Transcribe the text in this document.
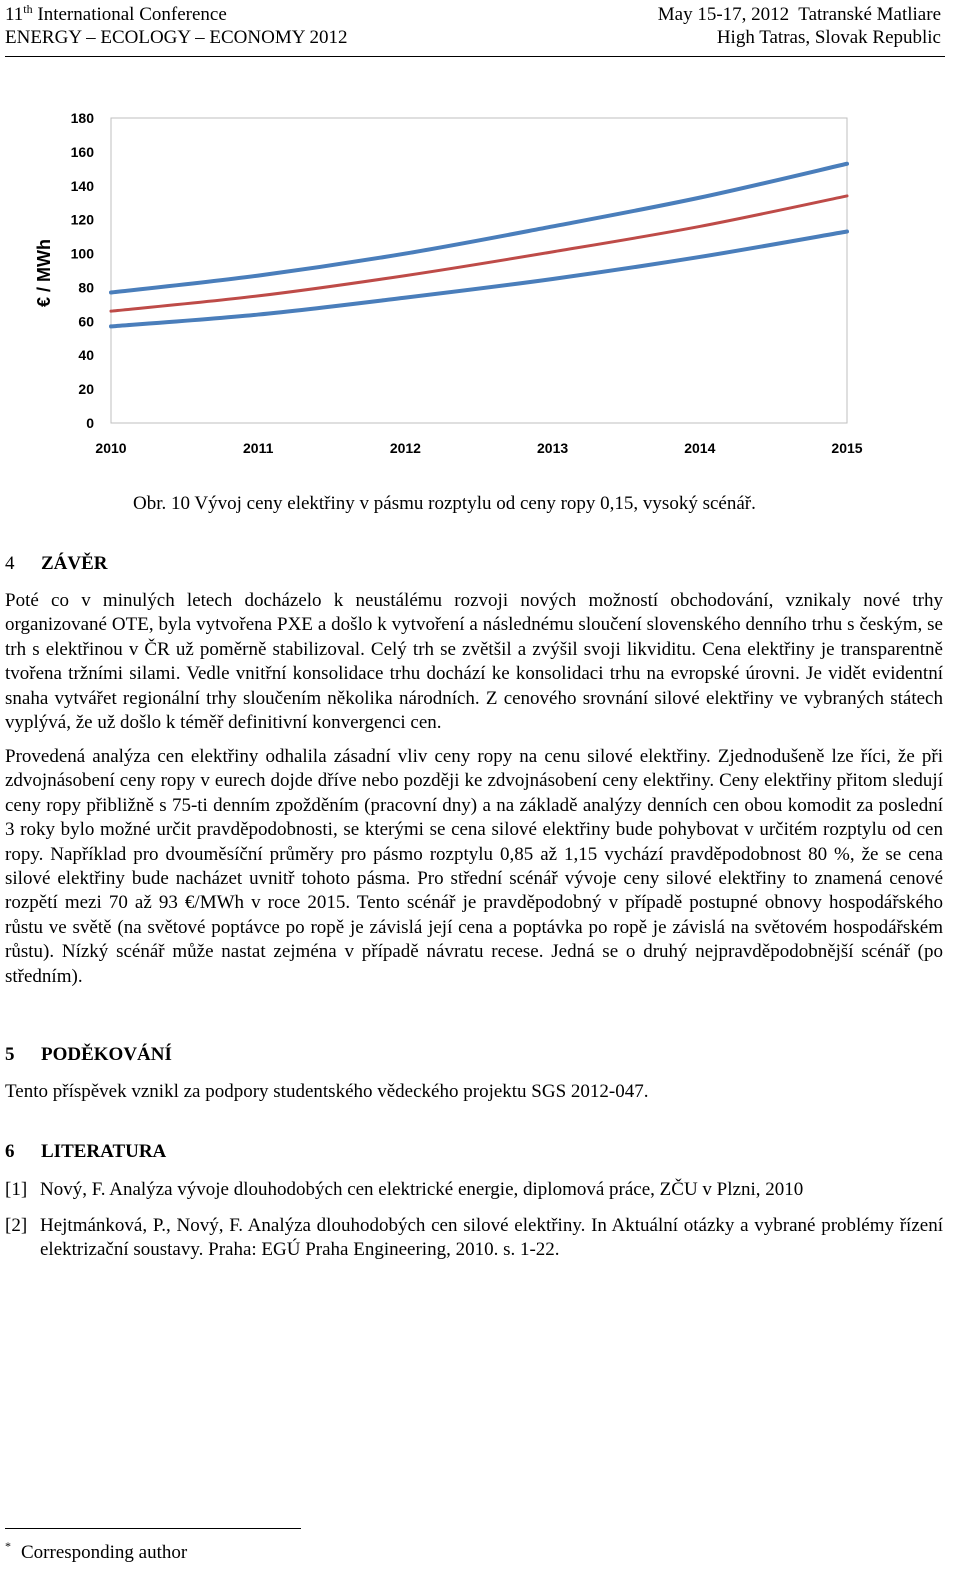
11th International Conference
ENERGY – ECOLOGY – ECONOMY 2012
May 15-17, 2012  Tatranské Matliare
High Tatras, Slovak Republic
0
20
40
60
80
100
120
140
160
180
2010	2011	2012	2013	2014	2015
€ / MWh
Obr. 10 Vývoj ceny elektřiny v pásmu rozptylu od ceny ropy 0,15, vysoký scénář.
4 ZÁVĚR
Poté co v minulých letech docházelo k neustálému rozvoji nových možností obchodování, vznikaly nové trhy organizované OTE, byla vytvořena PXE a došlo k vytvoření a následnému sloučení slovenského denního trhu s českým, se trh s elektřinou v ČR už poměrně stabilizoval. Celý trh se zvětšil a zvýšil svoji likviditu. Cena elektřiny je transparentně tvořena tržními silami. Vedle vnitřní konsolidace trhu dochází ke konsolidaci trhu na evropské úrovni. Je vidět evidentní snaha vytvářet regionální trhy sloučením několika národních. Z cenového srovnání silové elektřiny ve vybraných státech vyplývá, že už došlo k téměř definitivní konvergenci cen.
Provedená analýza cen elektřiny odhalila zásadní vliv ceny ropy na cenu silové elektřiny. Zjednodušeně lze říci, že při zdvojnásobení ceny ropy v eurech dojde dříve nebo později ke zdvojnásobení ceny elektřiny. Ceny elektřiny přitom sledují ceny ropy přibližně s 75-ti denním zpožděním (pracovní dny) a na základě analýzy denních cen obou komodit za poslední 3 roky bylo možné určit pravděpodobnosti, se kterými se cena silové elektřiny bude pohybovat v určitém rozptylu od cen ropy. Například pro dvouměsíční průměry pro pásmo rozptylu 0,85 až 1,15 vychází pravděpodobnost 80 %, že se cena silové elektřiny bude nacházet uvnitř tohoto pásma. Pro střední scénář vývoje ceny silové elektřiny to znamená cenové rozpětí mezi 70 až 93 €/MWh v roce 2015. Tento scénář je pravděpodobný v případě postupné obnovy hospodářského růstu ve světě (na světové poptávce po ropě je závislá její cena a poptávka po ropě je závislá na světovém hospodářském růstu). Nízký scénář může nastat zejména v případě návratu recese. Jedná se o druhý nejpravděpodobnější scénář (po středním).
5 PODĚKOVÁNÍ
Tento příspěvek vznikl za podpory studentského vědeckého projektu SGS 2012-047.
6 LITERATURA
[1] Nový, F. Analýza vývoje dlouhodobých cen elektrické energie, diplomová práce, ZČU v Plzni, 2010
[2] Hejtmánková, P., Nový, F. Analýza dlouhodobých cen silové elektřiny. In Aktuální otázky a vybrané problémy řízení elektrizační soustavy. Praha: EGÚ Praha Engineering, 2010. s. 1-22.
* Corresponding author
